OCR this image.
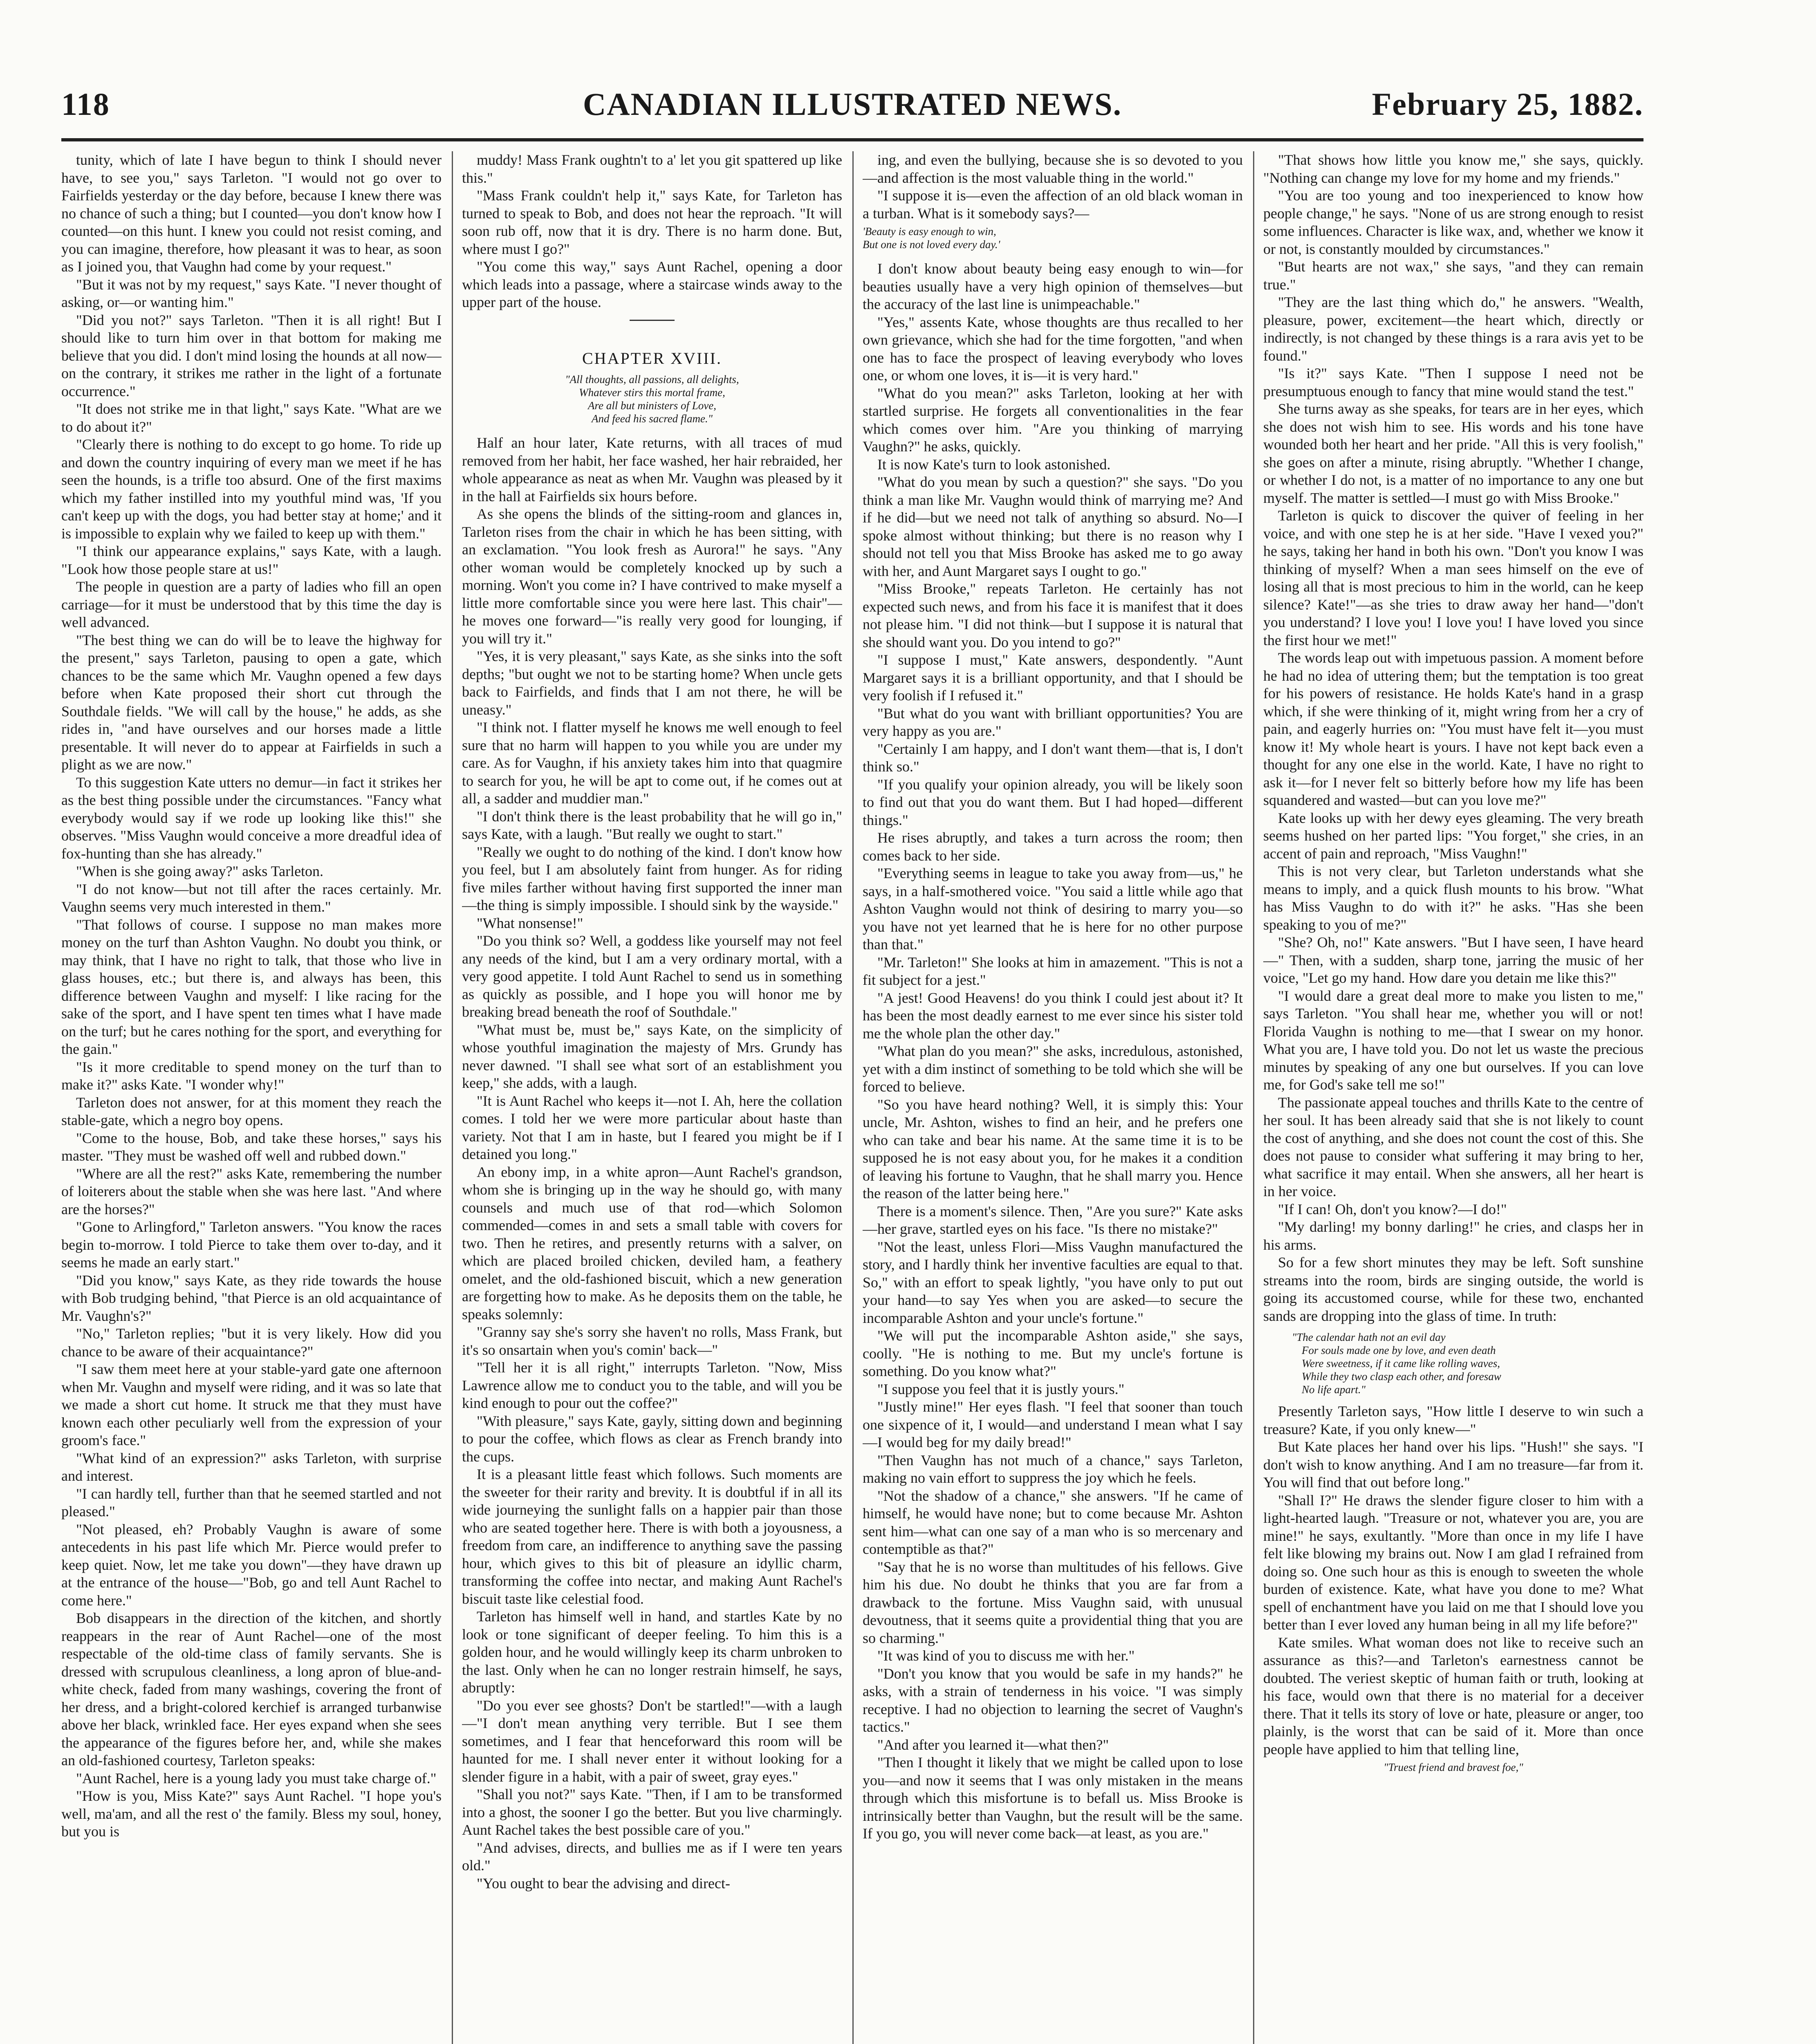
118	CANADIAN ILLUSTRATED NEWS.	February 25, 1882.

tunity, which of late I have begun to think I should never have, to see you," says Tarleton. "I would not go over to Fairfields yesterday or the day before, because I knew there was no chance of such a thing; but I counted—you don't know how I counted—on this hunt. I knew you could not resist coming, and you can imagine, therefore, how pleasant it was to hear, as soon as I joined you, that Vaughn had come by your request."

"But it was not by my request," says Kate. "I never thought of asking, or—or wanting him."

"Did you not?" says Tarleton. "Then it is all right! But I should like to turn him over in that bottom for making me believe that you did. I don't mind losing the hounds at all now—on the contrary, it strikes me rather in the light of a fortunate occurrence."

"It does not strike me in that light," says Kate. "What are we to do about it?"

"Clearly there is nothing to do except to go home. To ride up and down the country inquiring of every man we meet if he has seen the hounds, is a trifle too absurd. One of the first maxims which my father instilled into my youthful mind was, 'If you can't keep up with the dogs, you had better stay at home;' and it is impossible to explain why we failed to keep up with them."

"I think our appearance explains," says Kate, with a laugh. "Look how those people stare at us!"

The people in question are a party of ladies who fill an open carriage—for it must be understood that by this time the day is well advanced.

"The best thing we can do will be to leave the highway for the present," says Tarleton, pausing to open a gate, which chances to be the same which Mr. Vaughn opened a few days before when Kate proposed their short cut through the Southdale fields. "We will call by the house," he adds, as she rides in, "and have ourselves and our horses made a little presentable. It will never do to appear at Fairfields in such a plight as we are now."

To this suggestion Kate utters no demur—in fact it strikes her as the best thing possible under the circumstances. "Fancy what everybody would say if we rode up looking like this!" she observes. "Miss Vaughn would conceive a more dreadful idea of fox-hunting than she has already."

"When is she going away?" asks Tarleton.

"I do not know—but not till after the races certainly. Mr. Vaughn seems very much interested in them."

"That follows of course. I suppose no man makes more money on the turf than Ashton Vaughn. No doubt you think, or may think, that I have no right to talk, that those who live in glass houses, etc.; but there is, and always has been, this difference between Vaughn and myself: I like racing for the sake of the sport, and I have spent ten times what I have made on the turf; but he cares nothing for the sport, and everything for the gain."

"Is it more creditable to spend money on the turf than to make it?" asks Kate. "I wonder why!"

Tarleton does not answer, for at this moment they reach the stable-gate, which a negro boy opens.

"Come to the house, Bob, and take these horses," says his master. "They must be washed off well and rubbed down."

"Where are all the rest?" asks Kate, remembering the number of loiterers about the stable when she was here last. "And where are the horses?"

"Gone to Arlingford," Tarleton answers. "You know the races begin to-morrow. I told Pierce to take them over to-day, and it seems he made an early start."

"Did you know," says Kate, as they ride towards the house with Bob trudging behind, "that Pierce is an old acquaintance of Mr. Vaughn's?"

"No," Tarleton replies; "but it is very likely. How did you chance to be aware of their acquaintance?"

"I saw them meet here at your stable-yard gate one afternoon when Mr. Vaughn and myself were riding, and it was so late that we made a short cut home. It struck me that they must have known each other peculiarly well from the expression of your groom's face."

"What kind of an expression?" asks Tarleton, with surprise and interest.

"I can hardly tell, further than that he seemed startled and not pleased."

"Not pleased, eh? Probably Vaughn is aware of some antecedents in his past life which Mr. Pierce would prefer to keep quiet. Now, let me take you down"—they have drawn up at the entrance of the house—"Bob, go and tell Aunt Rachel to come here."

Bob disappears in the direction of the kitchen, and shortly reappears in the rear of Aunt Rachel—one of the most respectable of the old-time class of family servants. She is dressed with scrupulous cleanliness, a long apron of blue-and-white check, faded from many washings, covering the front of her dress, and a bright-colored kerchief is arranged turbanwise above her black, wrinkled face. Her eyes expand when she sees the appearance of the figures before her, and, while she makes an old-fashioned courtesy, Tarleton speaks:

"Aunt Rachel, here is a young lady you must take charge of."

"How is you, Miss Kate?" says Aunt Rachel. "I hope you's well, ma'am, and all the rest o' the family. Bless my soul, honey, but you is

muddy! Mass Frank oughtn't to a' let you git spattered up like this."

"Mass Frank couldn't help it," says Kate, for Tarleton has turned to speak to Bob, and does not hear the reproach. "It will soon rub off, now that it is dry. There is no harm done. But, where must I go?"

"You come this way," says Aunt Rachel, opening a door which leads into a passage, where a staircase winds away to the upper part of the house.

CHAPTER XVIII.
"All thoughts, all passions, all delights,
Whatever stirs this mortal frame,
Are all but ministers of Love,
And feed his sacred flame."

Half an hour later, Kate returns, with all traces of mud removed from her habit, her face washed, her hair rebraided, her whole appearance as neat as when Mr. Vaughn was pleased by it in the hall at Fairfields six hours before.

As she opens the blinds of the sitting-room and glances in, Tarleton rises from the chair in which he has been sitting, with an exclamation. "You look fresh as Aurora!" he says. "Any other woman would be completely knocked up by such a morning. Won't you come in? I have contrived to make myself a little more comfortable since you were here last. This chair"—he moves one forward—"is really very good for lounging, if you will try it."

"Yes, it is very pleasant," says Kate, as she sinks into the soft depths; "but ought we not to be starting home? When uncle gets back to Fairfields, and finds that I am not there, he will be uneasy."

"I think not. I flatter myself he knows me well enough to feel sure that no harm will happen to you while you are under my care. As for Vaughn, if his anxiety takes him into that quagmire to search for you, he will be apt to come out, if he comes out at all, a sadder and muddier man."

"I don't think there is the least probability that he will go in," says Kate, with a laugh. "But really we ought to start."

"Really we ought to do nothing of the kind. I don't know how you feel, but I am absolutely faint from hunger. As for riding five miles farther without having first supported the inner man—the thing is simply impossible. I should sink by the wayside."

"What nonsense!"

"Do you think so? Well, a goddess like yourself may not feel any needs of the kind, but I am a very ordinary mortal, with a very good appetite. I told Aunt Rachel to send us in something as quickly as possible, and I hope you will honor me by breaking bread beneath the roof of Southdale."

"What must be, must be," says Kate, on the simplicity of whose youthful imagination the majesty of Mrs. Grundy has never dawned. "I shall see what sort of an establishment you keep," she adds, with a laugh.

"It is Aunt Rachel who keeps it—not I. Ah, here the collation comes. I told her we were more particular about haste than variety. Not that I am in haste, but I feared you might be if I detained you long."

An ebony imp, in a white apron—Aunt Rachel's grandson, whom she is bringing up in the way he should go, with many counsels and much use of that rod—which Solomon commended—comes in and sets a small table with covers for two. Then he retires, and presently returns with a salver, on which are placed broiled chicken, deviled ham, a feathery omelet, and the old-fashioned biscuit, which a new generation are forgetting how to make. As he deposits them on the table, he speaks solemnly:

"Granny say she's sorry she haven't no rolls, Mass Frank, but it's so onsartain when you's comin' back—"

"Tell her it is all right," interrupts Tarleton. "Now, Miss Lawrence allow me to conduct you to the table, and will you be kind enough to pour out the coffee?"

"With pleasure," says Kate, gayly, sitting down and beginning to pour the coffee, which flows as clear as French brandy into the cups.

It is a pleasant little feast which follows. Such moments are the sweeter for their rarity and brevity. It is doubtful if in all its wide journeying the sunlight falls on a happier pair than those who are seated together here. There is with both a joyousness, a freedom from care, an indifference to anything save the passing hour, which gives to this bit of pleasure an idyllic charm, transforming the coffee into nectar, and making Aunt Rachel's biscuit taste like celestial food.

Tarleton has himself well in hand, and startles Kate by no look or tone significant of deeper feeling. To him this is a golden hour, and he would willingly keep its charm unbroken to the last. Only when he can no longer restrain himself, he says, abruptly:

"Do you ever see ghosts? Don't be startled!"—with a laugh—"I don't mean anything very terrible. But I see them sometimes, and I fear that henceforward this room will be haunted for me. I shall never enter it without looking for a slender figure in a habit, with a pair of sweet, gray eyes."

"Shall you not?" says Kate. "Then, if I am to be transformed into a ghost, the sooner I go the better. But you live charmingly. Aunt Rachel takes the best possible care of you."

"And advises, directs, and bullies me as if I were ten years old."

"You ought to bear the advising and direct-

ing, and even the bullying, because she is so devoted to you—and affection is the most valuable thing in the world."

"I suppose it is—even the affection of an old black woman in a turban. What is it somebody says?—

'Beauty is easy enough to win,
But one is not loved every day.'

I don't know about beauty being easy enough to win—for beauties usually have a very high opinion of themselves—but the accuracy of the last line is unimpeachable."

"Yes," assents Kate, whose thoughts are thus recalled to her own grievance, which she had for the time forgotten, "and when one has to face the prospect of leaving everybody who loves one, or whom one loves, it is—it is very hard."

"What do you mean?" asks Tarleton, looking at her with startled surprise. He forgets all conventionalities in the fear which comes over him. "Are you thinking of marrying Vaughn?" he asks, quickly.

It is now Kate's turn to look astonished.

"What do you mean by such a question?" she says. "Do you think a man like Mr. Vaughn would think of marrying me? And if he did—but we need not talk of anything so absurd. No—I spoke almost without thinking; but there is no reason why I should not tell you that Miss Brooke has asked me to go away with her, and Aunt Margaret says I ought to go."

"Miss Brooke," repeats Tarleton. He certainly has not expected such news, and from his face it is manifest that it does not please him. "I did not think—but I suppose it is natural that she should want you. Do you intend to go?"

"I suppose I must," Kate answers, despondently. "Aunt Margaret says it is a brilliant opportunity, and that I should be very foolish if I refused it."

"But what do you want with brilliant opportunities? You are very happy as you are."

"Certainly I am happy, and I don't want them—that is, I don't think so."

"If you qualify your opinion already, you will be likely soon to find out that you do want them. But I had hoped—different things."

He rises abruptly, and takes a turn across the room; then comes back to her side.

"Everything seems in league to take you away from—us," he says, in a half-smothered voice. "You said a little while ago that Ashton Vaughn would not think of desiring to marry you—so you have not yet learned that he is here for no other purpose than that."

"Mr. Tarleton!" She looks at him in amazement. "This is not a fit subject for a jest."

"A jest! Good Heavens! do you think I could jest about it? It has been the most deadly earnest to me ever since his sister told me the whole plan the other day."

"What plan do you mean?" she asks, incredulous, astonished, yet with a dim instinct of something to be told which she will be forced to believe.

"So you have heard nothing? Well, it is simply this: Your uncle, Mr. Ashton, wishes to find an heir, and he prefers one who can take and bear his name. At the same time it is to be supposed he is not easy about you, for he makes it a condition of leaving his fortune to Vaughn, that he shall marry you. Hence the reason of the latter being here."

There is a moment's silence. Then, "Are you sure?" Kate asks—her grave, startled eyes on his face. "Is there no mistake?"

"Not the least, unless Flori—Miss Vaughn manufactured the story, and I hardly think her inventive faculties are equal to that. So," with an effort to speak lightly, "you have only to put out your hand—to say Yes when you are asked—to secure the incomparable Ashton and your uncle's fortune."

"We will put the incomparable Ashton aside," she says, coolly. "He is nothing to me. But my uncle's fortune is something. Do you know what?"

"I suppose you feel that it is justly yours."

"Justly mine!" Her eyes flash. "I feel that sooner than touch one sixpence of it, I would—and understand I mean what I say—I would beg for my daily bread!"

"Then Vaughn has not much of a chance," says Tarleton, making no vain effort to suppress the joy which he feels.

"Not the shadow of a chance," she answers. "If he came of himself, he would have none; but to come because Mr. Ashton sent him—what can one say of a man who is so mercenary and contemptible as that?"

"Say that he is no worse than multitudes of his fellows. Give him his due. No doubt he thinks that you are far from a drawback to the fortune. Miss Vaughn said, with unusual devoutness, that it seems quite a providential thing that you are so charming."

"It was kind of you to discuss me with her."

"Don't you know that you would be safe in my hands?" he asks, with a strain of tenderness in his voice. "I was simply receptive. I had no objection to learning the secret of Vaughn's tactics."

"And after you learned it—what then?"

"Then I thought it likely that we might be called upon to lose you—and now it seems that I was only mistaken in the means through which this misfortune is to befall us. Miss Brooke is intrinsically better than Vaughn, but the result will be the same. If you go, you will never come back—at least, as you are."

"That shows how little you know me," she says, quickly. "Nothing can change my love for my home and my friends."

"You are too young and too inexperienced to know how people change," he says. "None of us are strong enough to resist some influences. Character is like wax, and, whether we know it or not, is constantly moulded by circumstances."

"But hearts are not wax," she says, "and they can remain true."

"They are the last thing which do," he answers. "Wealth, pleasure, power, excitement—the heart which, directly or indirectly, is not changed by these things is a rara avis yet to be found."

"Is it?" says Kate. "Then I suppose I need not be presumptuous enough to fancy that mine would stand the test."

She turns away as she speaks, for tears are in her eyes, which she does not wish him to see. His words and his tone have wounded both her heart and her pride. "All this is very foolish," she goes on after a minute, rising abruptly. "Whether I change, or whether I do not, is a matter of no importance to any one but myself. The matter is settled—I must go with Miss Brooke."

Tarleton is quick to discover the quiver of feeling in her voice, and with one step he is at her side. "Have I vexed you?" he says, taking her hand in both his own. "Don't you know I was thinking of myself? When a man sees himself on the eve of losing all that is most precious to him in the world, can he keep silence? Kate!"—as she tries to draw away her hand—"don't you understand? I love you! I love you! I have loved you since the first hour we met!"

The words leap out with impetuous passion. A moment before he had no idea of uttering them; but the temptation is too great for his powers of resistance. He holds Kate's hand in a grasp which, if she were thinking of it, might wring from her a cry of pain, and eagerly hurries on: "You must have felt it—you must know it! My whole heart is yours. I have not kept back even a thought for any one else in the world. Kate, I have no right to ask it—for I never felt so bitterly before how my life has been squandered and wasted—but can you love me?"

Kate looks up with her dewy eyes gleaming. The very breath seems hushed on her parted lips: "You forget," she cries, in an accent of pain and reproach, "Miss Vaughn!"

This is not very clear, but Tarleton understands what she means to imply, and a quick flush mounts to his brow. "What has Miss Vaughn to do with it?" he asks. "Has she been speaking to you of me?"

"She? Oh, no!" Kate answers. "But I have seen, I have heard—" Then, with a sudden, sharp tone, jarring the music of her voice, "Let go my hand. How dare you detain me like this?"

"I would dare a great deal more to make you listen to me," says Tarleton. "You shall hear me, whether you will or not! Florida Vaughn is nothing to me—that I swear on my honor. What you are, I have told you. Do not let us waste the precious minutes by speaking of any one but ourselves. If you can love me, for God's sake tell me so!"

The passionate appeal touches and thrills Kate to the centre of her soul. It has been already said that she is not likely to count the cost of anything, and she does not count the cost of this. She does not pause to consider what suffering it may bring to her, what sacrifice it may entail. When she answers, all her heart is in her voice.

"If I can! Oh, don't you know?—I do!"

"My darling! my bonny darling!" he cries, and clasps her in his arms.

So for a few short minutes they may be left. Soft sunshine streams into the room, birds are singing outside, the world is going its accustomed course, while for these two, enchanted sands are dropping into the glass of time. In truth:

"The calendar hath not an evil day
For souls made one by love, and even death
Were sweetness, if it came like rolling waves,
While they two clasp each other, and foresaw
No life apart."

Presently Tarleton says, "How little I deserve to win such a treasure? Kate, if you only knew—"

But Kate places her hand over his lips. "Hush!" she says. "I don't wish to know anything. And I am no treasure—far from it. You will find that out before long."

"Shall I?" He draws the slender figure closer to him with a light-hearted laugh. "Treasure or not, whatever you are, you are mine!" he says, exultantly. "More than once in my life I have felt like blowing my brains out. Now I am glad I refrained from doing so. One such hour as this is enough to sweeten the whole burden of existence. Kate, what have you done to me? What spell of enchantment have you laid on me that I should love you better than I ever loved any human being in all my life before?"

Kate smiles. What woman does not like to receive such an assurance as this?—and Tarleton's earnestness cannot be doubted. The veriest skeptic of human faith or truth, looking at his face, would own that there is no material for a deceiver there. That it tells its story of love or hate, pleasure or anger, too plainly, is the worst that can be said of it. More than once people have applied to him that telling line,

"Truest friend and bravest foe,"
